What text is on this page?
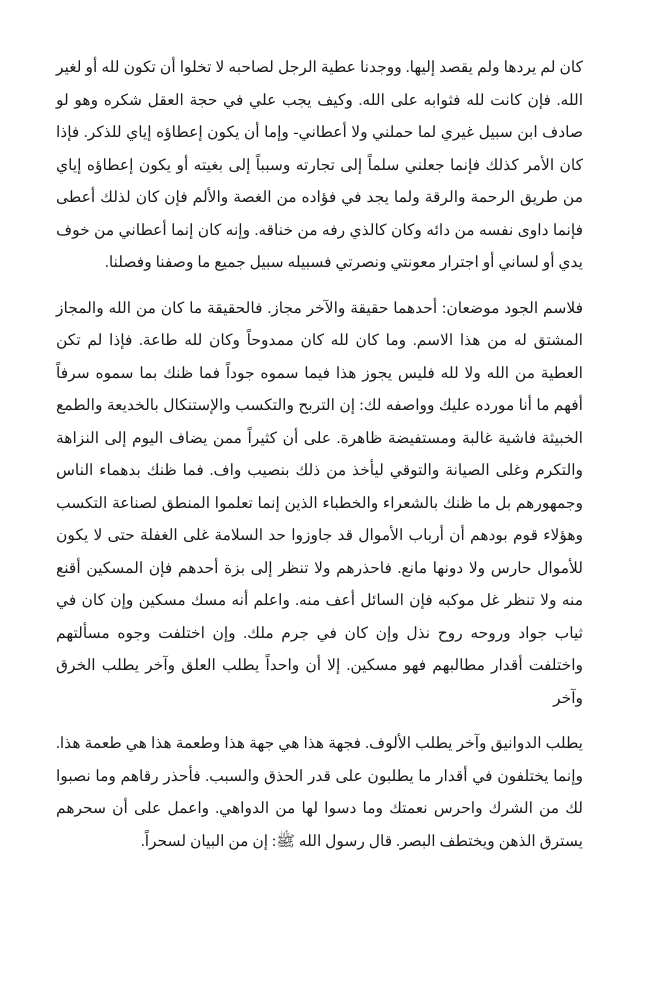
كان لم يردها ولم يقصد إليها. ووجدنا عطية الرجل لصاحبه لا تخلوا أن تكون لله أو لغير الله. فإن كانت لله فثوابه على الله. وكيف يجب علي في حجة العقل شكره وهو لو صادف ابن سبيل غيري لما حملني ولا أعطاني- وإما أن يكون إعطاؤه إياي للذكر. فإذا كان الأمر كذلك فإنما جعلني سلماً إلى تجارته وسبباً إلى بغيته أو يكون إعطاؤه إياي من طريق الرحمة والرقة ولما يجد في فؤاده من الغصة والألم فإن كان لذلك أعطى فإنما داوى نفسه من دائه وكان كالذي رفه من خناقه. وإنه كان إنما أعطاني من خوف يدي أو لساني أو اجترار معونتي ونصرتي فسبيله سبيل جميع ما وصفنا وفصلنا.

فلاسم الجود موضعان: أحدهما حقيقة والآخر مجاز. فالحقيقة ما كان من الله والمجاز المشتق له من هذا الاسم. وما كان لله كان ممدوحاً وكان لله طاعة. فإذا لم تكن العطية من الله ولا لله فليس يجوز هذا فيما سموه جوداً فما ظنك بما سموه سرفاً أفهم ما أنا مورده عليك وواصفه لك: إن التربح والتكسب والإستنكال بالخديعة والطمع الخبيثة فاشية غالبة ومستفيضة ظاهرة. على أن كثيراً ممن يضاف اليوم إلى النزاهة والتكرم وغلى الصيانة والتوقي ليأخذ من ذلك بنصيب واف. فما ظنك بدهماء الناس وجمهورهم بل ما ظنك بالشعراء والخطباء الذين إنما تعلموا المنطق لصناعة التكسب وهؤلاء قوم بودهم أن أرباب الأموال قد جاوزوا حد السلامة غلى الغفلة حتى لا يكون للأموال حارس ولا دونها مانع. فاحذرهم ولا تنظر إلى بزة أحدهم فإن المسكين أقنع منه ولا تنظر غل موكبه فإن السائل أعف منه. واعلم أنه مسك مسكين وإن كان في ثياب جواد وروحه روح نذل وإن كان في جرم ملك. وإن اختلفت وجوه مسألتهم واختلفت أقدار مطالبهم فهو مسكين. إلا أن واحداً يطلب العلق وآخر يطلب الخرق وآخر

يطلب الدوانيق وآخر يطلب الألوف. فجهة هذا هي جهة هذا وطعمة هذا هي طعمة هذا. وإنما يختلفون في أقدار ما يطلبون على قدر الحذق والسبب. فأحذر رقاهم وما نصبوا لك من الشرك واحرس نعمتك وما دسوا لها من الدواهي. واعمل على أن سحرهم يسترق الذهن ويختطف البصر. قال رسول الله ﷺ: إن من البيان لسحراً.
